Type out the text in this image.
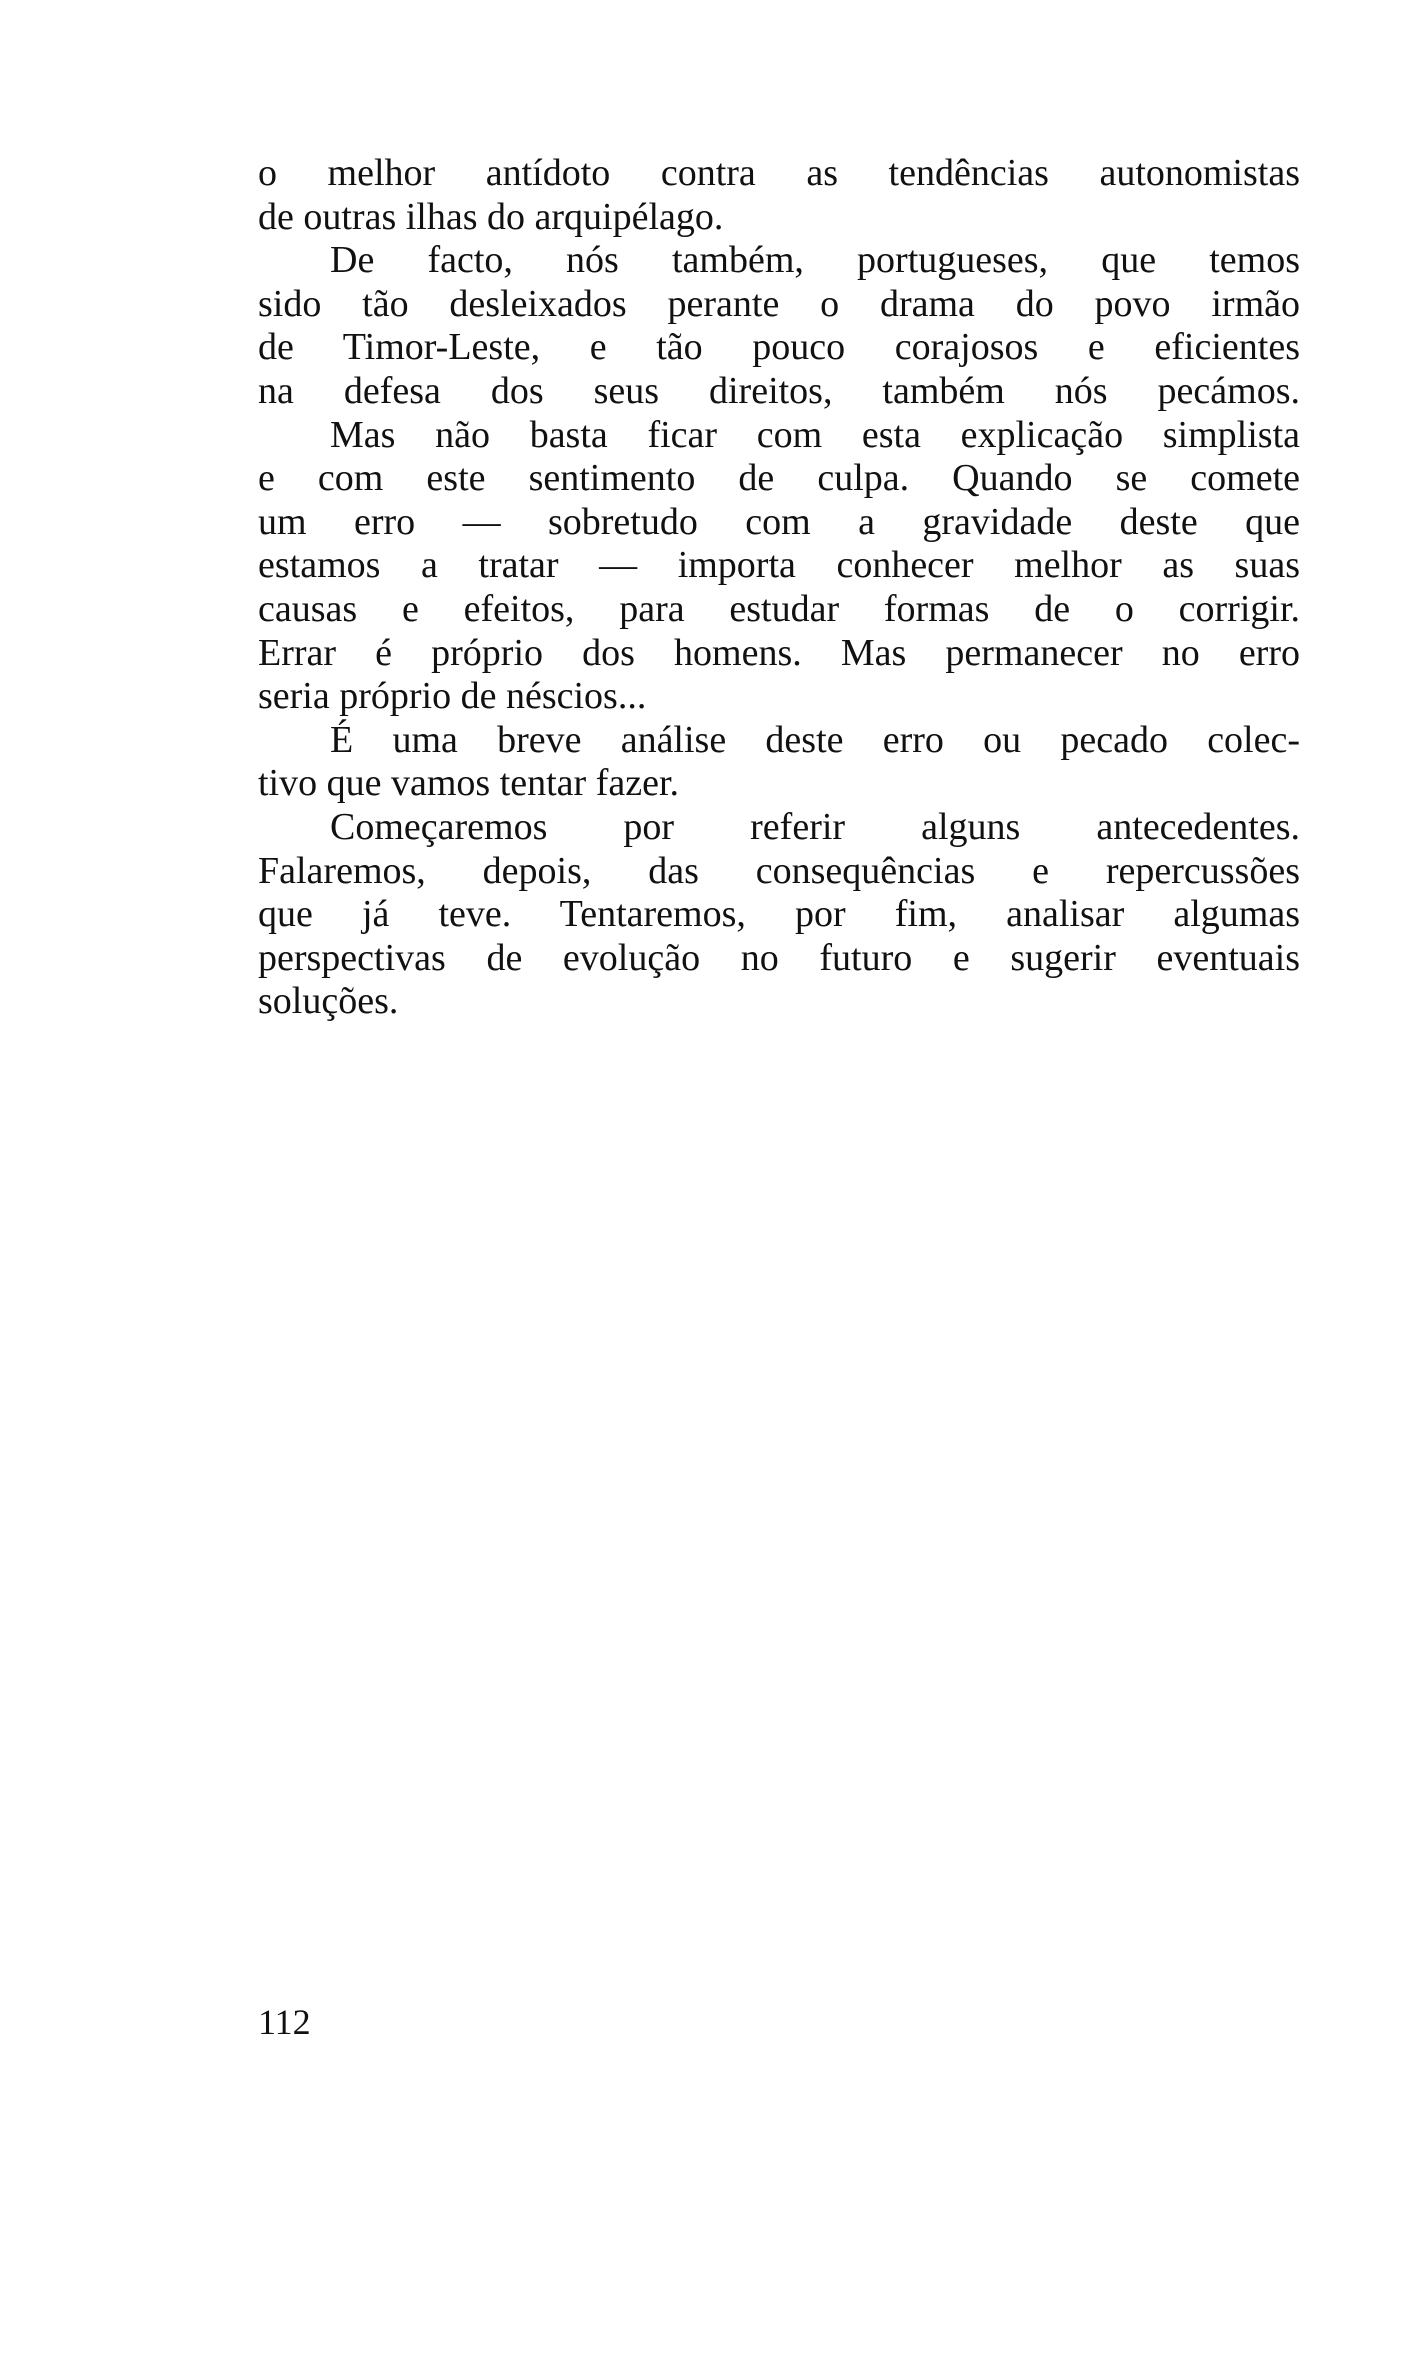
o melhor antídoto contra as tendências autonomistas
de outras ilhas do arquipélago.
De facto, nós também, portugueses, que temos
sido tão desleixados perante o drama do povo irmão
de Timor-Leste, e tão pouco corajosos e eficientes
na defesa dos seus direitos, também nós pecámos.
Mas não basta ficar com esta explicação simplista
e com este sentimento de culpa. Quando se comete
um erro — sobretudo com a gravidade deste que
estamos a tratar — importa conhecer melhor as suas
causas e efeitos, para estudar formas de o corrigir.
Errar é próprio dos homens. Mas permanecer no erro
seria próprio de néscios...
É uma breve análise deste erro ou pecado colec-
tivo que vamos tentar fazer.
Começaremos por referir alguns antecedentes.
Falaremos, depois, das consequências e repercussões
que já teve. Tentaremos, por fim, analisar algumas
perspectivas de evolução no futuro e sugerir eventuais
soluções.
112
